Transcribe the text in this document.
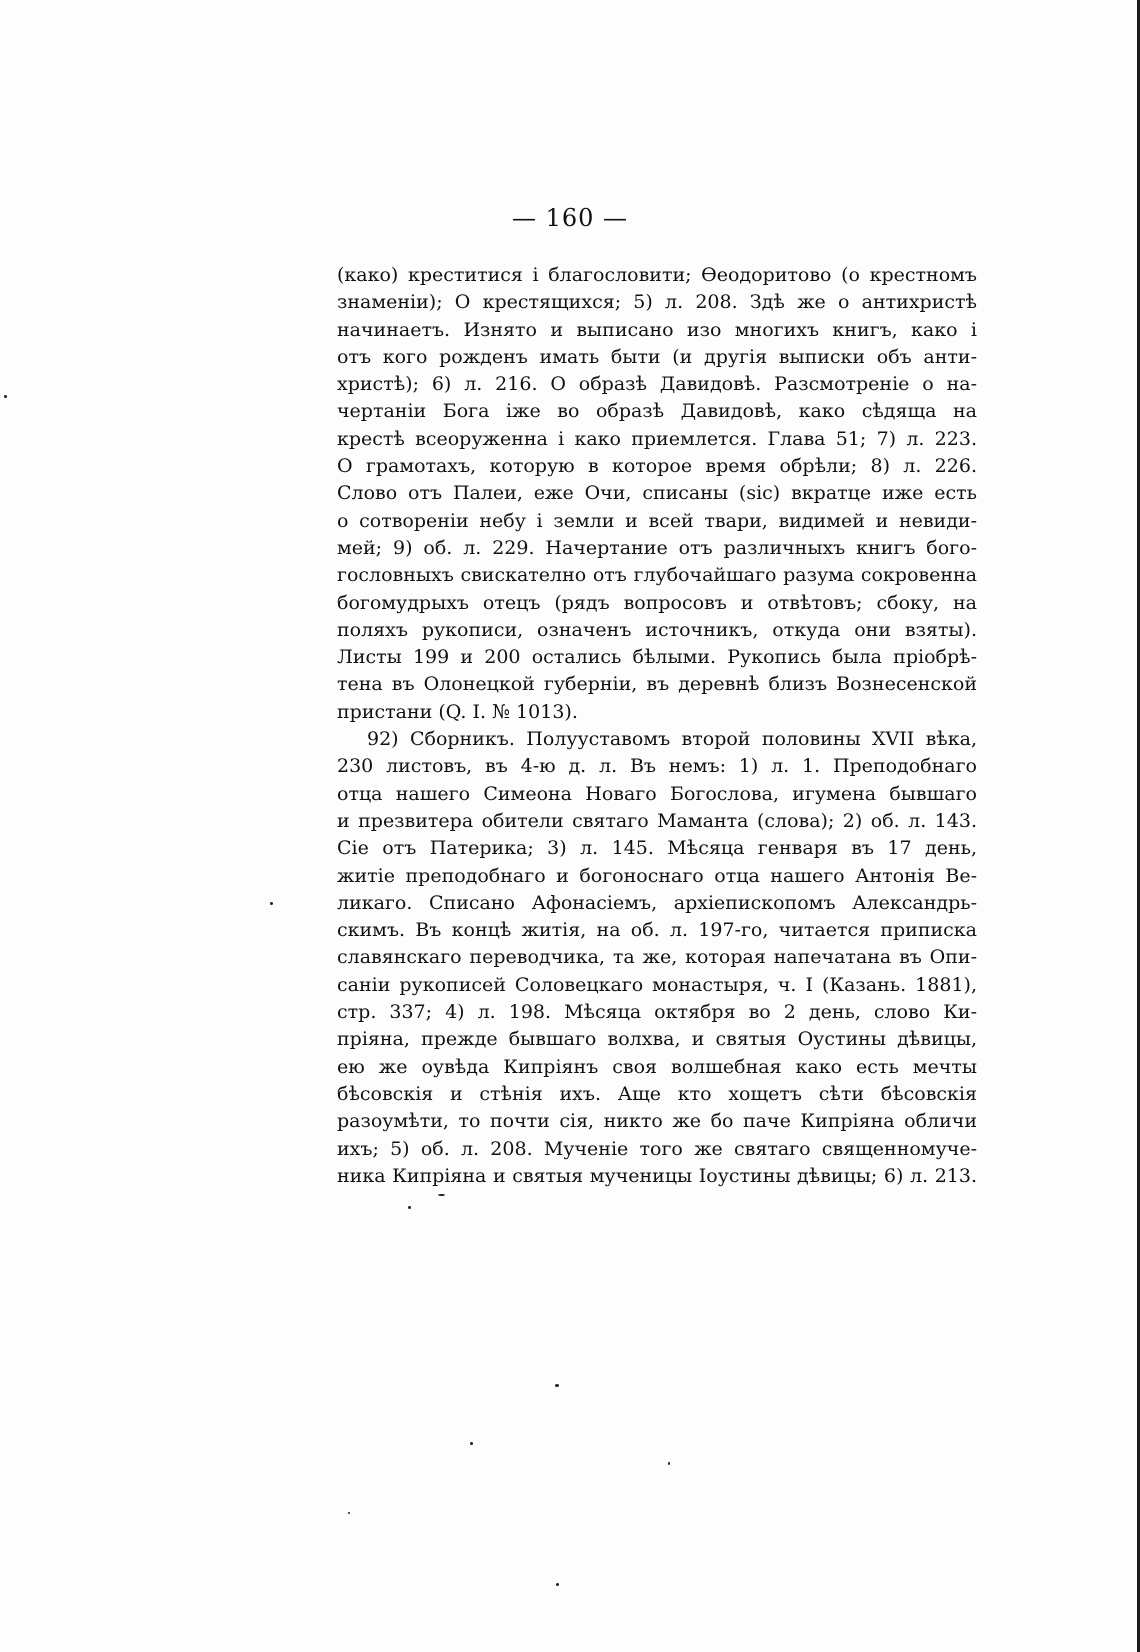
— 160 —
(како) креститися і благословити; Ѳеодоритово (о крестномъ
знаменіи); О крестящихся; 5) л. 208. Здѣ же о антихристѣ
начинаетъ. Изнято и выписано изо многихъ книгъ, како і
отъ кого рожденъ имать быти (и другія выписки объ анти-
христѣ); 6) л. 216. О образѣ Давидовѣ. Разсмотреніе о на-
чертаніи Бога іже во образѣ Давидовѣ, како сѣдяща на
крестѣ всеоруженна і како приемлется. Глава 51; 7) л. 223.
О грамотахъ, которую в которое время обрѣли; 8) л. 226.
Слово отъ Палеи, еже Очи, списаны (sic) вкратцe иже есть
о сотвореніи небу і земли и всей твари, видимей и невиди-
мей; 9) об. л. 229. Начертание отъ различныхъ книгъ бого-
гословныхъ свискателно отъ глубочайшаго разума сокровенна
богомудрыхъ отецъ (рядъ вопросовъ и отвѣтовъ; сбоку, на
поляхъ рукописи, означенъ источникъ, откуда они взяты).
Листы 199 и 200 остались бѣлыми. Рукопись была пріобрѣ-
тена въ Олонецкой губерніи, въ деревнѣ близъ Вознесенской
пристани (Q. I. № 1013).
92) Сборникъ. Полууставомъ второй половины XVII вѣка,
230 листовъ, въ 4-ю д. л. Въ немъ: 1) л. 1. Преподобнаго
отца нашего Симеона Новаго Богослова, игумена бывшаго
и презвитера обители святаго Маманта (слова); 2) об. л. 143.
Сіе отъ Патерика; 3) л. 145. Мѣсяца генваря въ 17 день,
житіе преподобнаго и богоноснаго отца нашего Антонія Ве-
ликаго. Списано Афонасіемъ, архіепископомъ Александрь-
скимъ. Въ концѣ житія, на об. л. 197-го, читается приписка
славянскаго переводчика, та же, которая напечатана въ Опи-
саніи рукописей Соловецкаго монастыря, ч. I (Казань. 1881),
стр. 337; 4) л. 198. Мѣсяца октября во 2 день, слово Ки-
пріяна, прежде бывшаго волхва, и святыя Оустины дѣвицы,
ею же оувѣда Кипріянъ своя волшебная како есть мечты
бѣсовскія и стѣнія ихъ. Аще кто хощетъ сѣти бѣсовскія
разоумѣти, то почти сія, никто же бо паче Кипріяна обличи
ихъ; 5) об. л. 208. Мученіе того же святаго священномуче-
ника Кипріяна и святыя мученицы Іоустины дѣвицы; 6) л. 213.
